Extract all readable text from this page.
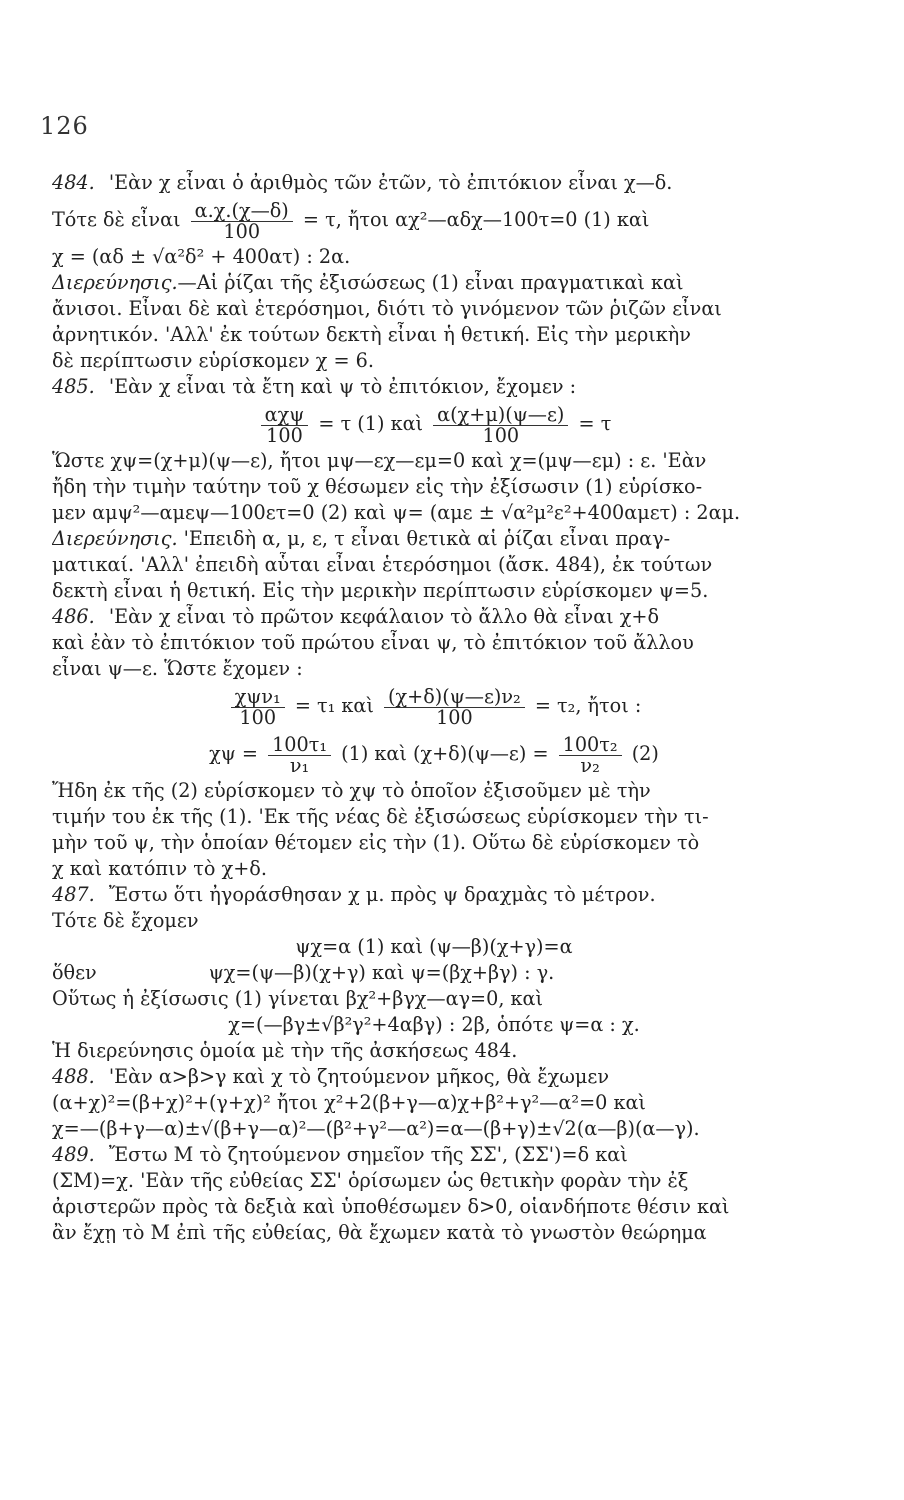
126
484. 'Εὰν χ εἶναι ὁ ἀριθμὸς τῶν ἐτῶν, τὸ ἐπιτόκιον εἶναι χ—δ.
Τότε δὲ εἶναι $\frac{\alpha.\chi.(\chi—\delta)}{100} = \tau$, ἤτοι αχ²—αδχ—100τ=0 (1) καὶ
χ = (αδ ± √α²δ² + 400ατ) : 2α.
Διερεύνησις.—Αἱ ῥίζαι τῆς ἐξισώσεως (1) εἶναι πραγματικαὶ καὶ
ἄνισοι. Εἶναι δὲ καὶ ἑτερόσημοι, διότι τὸ γινόμενον τῶν ῥιζῶν εἶναι
ἀρνητικόν. 'Αλλ' ἐκ τούτων δεκτὴ εἶναι ἡ θετική. Εἰς τὴν μερικὴν
δὲ περίπτωσιν εὑρίσκομεν χ = 6.
485. 'Εὰν χ εἶναι τὰ ἔτη καὶ ψ τὸ ἐπιτόκιον, ἔχομεν :
$\frac{\text{αχψ}}{100} = \tau$ (1) καὶ $\frac{\alpha(\chi+\mu)(\psi—\varepsilon)}{100} = \tau$
Ὥστε χψ=(χ+μ)(ψ—ε), ἤτοι μψ—εχ—εμ=0 καὶ χ=(μψ—εμ) : ε. 'Εὰν
ἤδη τὴν τιμὴν ταύτην τοῦ χ θέσωμεν εἰς τὴν ἐξίσωσιν (1) εὑρίσκο-
μεν αμψ²—αμεψ—100ετ=0 (2) καὶ ψ= (αμε ± √α²μ²ε²+400αμετ) : 2αμ.
Διερεύνησις. 'Επειδὴ α, μ, ε, τ εἶναι θετικὰ αἱ ῥίζαι εἶναι πραγ-
ματικαί. 'Αλλ' ἐπειδὴ αὗται εἶναι ἑτερόσημοι (ἄσκ. 484), ἐκ τούτων
δεκτὴ εἶναι ἡ θετική. Εἰς τὴν μερικὴν περίπτωσιν εὑρίσκομεν ψ=5.
486. 'Εὰν χ εἶναι τὸ πρῶτον κεφάλαιον τὸ ἄλλο θὰ εἶναι χ+δ
καὶ ἐὰν τὸ ἐπιτόκιον τοῦ πρώτου εἶναι ψ, τὸ ἐπιτόκιον τοῦ ἄλλου
εἶναι ψ—ε. Ὥστε ἔχομεν :
$\frac{\text{χψν₁}}{100} = \tau_1$ καὶ $\frac{\text{(χ+δ)(ψ—ε)ν₂}}{100} = \tau_2$, ἤτοι :
$\chi\psi = \frac{\text{100τ₁}}{\text{ν₁}} (1)$ καὶ (χ+δ)(ψ—ε) = $\frac{\text{100τ₂}}{\text{ν₂}} (2)$
Ἤδη ἐκ τῆς (2) εὑρίσκομεν τὸ χψ τὸ ὁποῖον ἐξισοῦμεν μὲ τὴν
τιμήν του ἐκ τῆς (1). 'Εκ τῆς νέας δὲ ἐξισώσεως εὑρίσκομεν τὴν τι-
μὴν τοῦ ψ, τὴν ὁποίαν θέτομεν εἰς τὴν (1). Οὕτω δὲ εὑρίσκομεν τὸ
χ καὶ κατόπιν τὸ χ+δ.
487. Ἔστω ὅτι ἠγοράσθησαν χ μ. πρὸς ψ δραχμὰς τὸ μέτρον.
Τότε δὲ ἔχομεν
ψχ=α (1) καὶ (ψ—β)(χ+γ)=α
ὅθεν	ψχ=(ψ—β)(χ+γ) καὶ ψ=(βχ+βγ) : γ.
Οὕτως ἡ ἐξίσωσις (1) γίνεται βχ²+βγχ—αγ=0, καὶ
χ=(—βγ±√β²γ²+4αβγ) : 2β, ὁπότε ψ=α : χ.
Ἡ διερεύνησις ὁμοία μὲ τὴν τῆς ἀσκήσεως 484.
488. 'Εὰν α>β>γ καὶ χ τὸ ζητούμενον μῆκος, θὰ ἔχωμεν
(α+χ)²=(β+χ)²+(γ+χ)² ἤτοι χ²+2(β+γ—α)χ+β²+γ²—α²=0 καὶ
χ=—(β+γ—α)±√(β+γ—α)²—(β²+γ²—α²)=α—(β+γ)±√2(α—β)(α—γ).
489. Ἔστω Μ τὸ ζητούμενον σημεῖον τῆς ΣΣ', (ΣΣ')=δ καὶ
(ΣΜ)=χ. 'Εὰν τῆς εὐθείας ΣΣ' ὁρίσωμεν ὡς θετικὴν φορὰν τὴν ἐξ
ἀριστερῶν πρὸς τὰ δεξιὰ καὶ ὑποθέσωμεν δ>0, οἱανδήποτε θέσιν καὶ
ἂν ἔχῃ τὸ Μ ἐπὶ τῆς εὐθείας, θὰ ἔχωμεν κατὰ τὸ γνωστὸν θεώρημα
